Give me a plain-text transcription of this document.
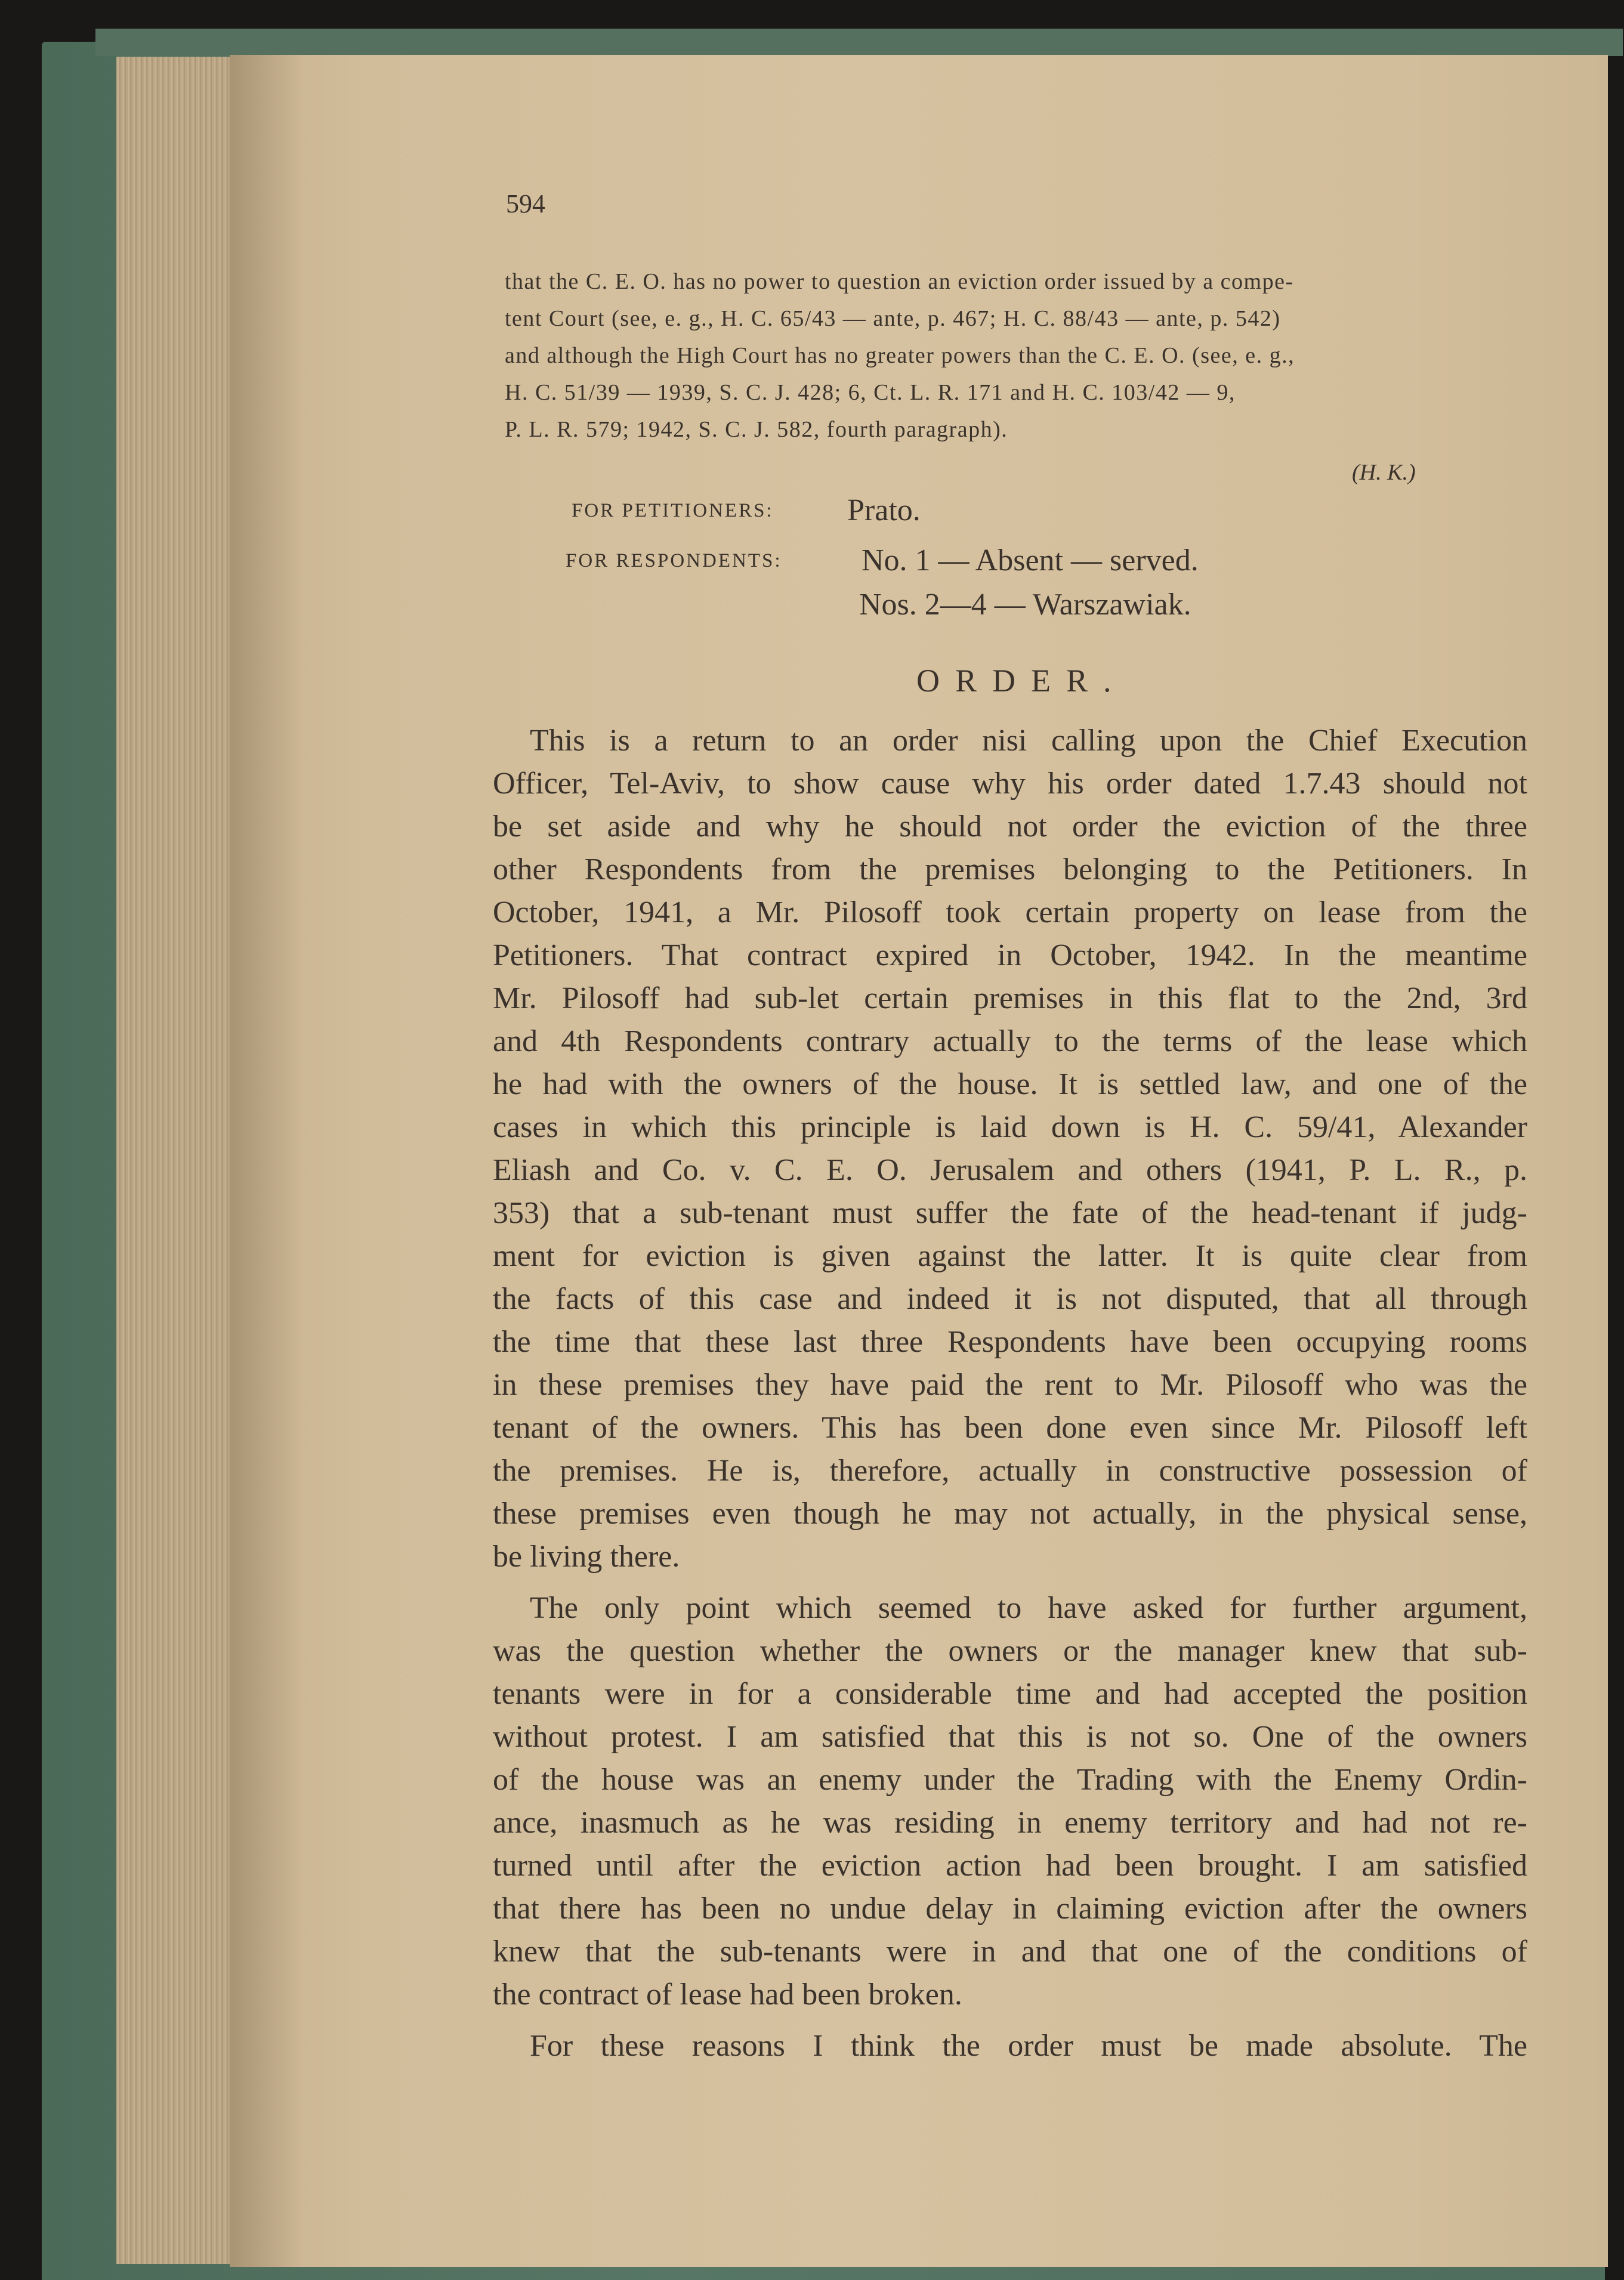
594
that the C. E. O. has no power to question an eviction order issued by a compe-
tent Court (see, e. g., H. C. 65/43 — ante, p. 467; H. C. 88/43 — ante, p. 542)
and although the High Court has no greater powers than the C. E. O. (see, e. g.,
H. C. 51/39 — 1939, S. C. J. 428; 6, Ct. L. R. 171 and H. C. 103/42 — 9,
P. L. R. 579; 1942, S. C. J. 582, fourth paragraph).
(H. K.)
FOR PETITIONERS: Prato.
FOR RESPONDENTS:	No. 1 — Absent — served.
Nos. 2—4 — Warszawiak.
ORDER.
This is a return to an order nisi calling upon the Chief Execution
Officer, Tel-Aviv, to show cause why his order dated 1.7.43 should not
be set aside and why he should not order the eviction of the three
other Respondents from the premises belonging to the Petitioners. In
October, 1941, a Mr. Pilosoff took certain property on lease from the
Petitioners. That contract expired in October, 1942. In the meantime
Mr. Pilosoff had sub-let certain premises in this flat to the 2nd, 3rd
and 4th Respondents contrary actually to the terms of the lease which
he had with the owners of the house. It is settled law, and one of the
cases in which this principle is laid down is H. C. 59/41, Alexander
Eliash and Co. v. C. E. O. Jerusalem and others (1941, P. L. R., p.
353) that a sub-tenant must suffer the fate of the head-tenant if judg-
ment for eviction is given against the latter. It is quite clear from
the facts of this case and indeed it is not disputed, that all through
the time that these last three Respondents have been occupying rooms
in these premises they have paid the rent to Mr. Pilosoff who was the
tenant of the owners. This has been done even since Mr. Pilosoff left
the premises. He is, therefore, actually in constructive possession of
these premises even though he may not actually, in the physical sense,
be living there.
The only point which seemed to have asked for further argument,
was the question whether the owners or the manager knew that sub-
tenants were in for a considerable time and had accepted the position
without protest. I am satisfied that this is not so. One of the owners
of the house was an enemy under the Trading with the Enemy Ordin-
ance, inasmuch as he was residing in enemy territory and had not re-
turned until after the eviction action had been brought. I am satisfied
that there has been no undue delay in claiming eviction after the owners
knew that the sub-tenants were in and that one of the conditions of
the contract of lease had been broken.
For these reasons I think the order must be made absolute. The
